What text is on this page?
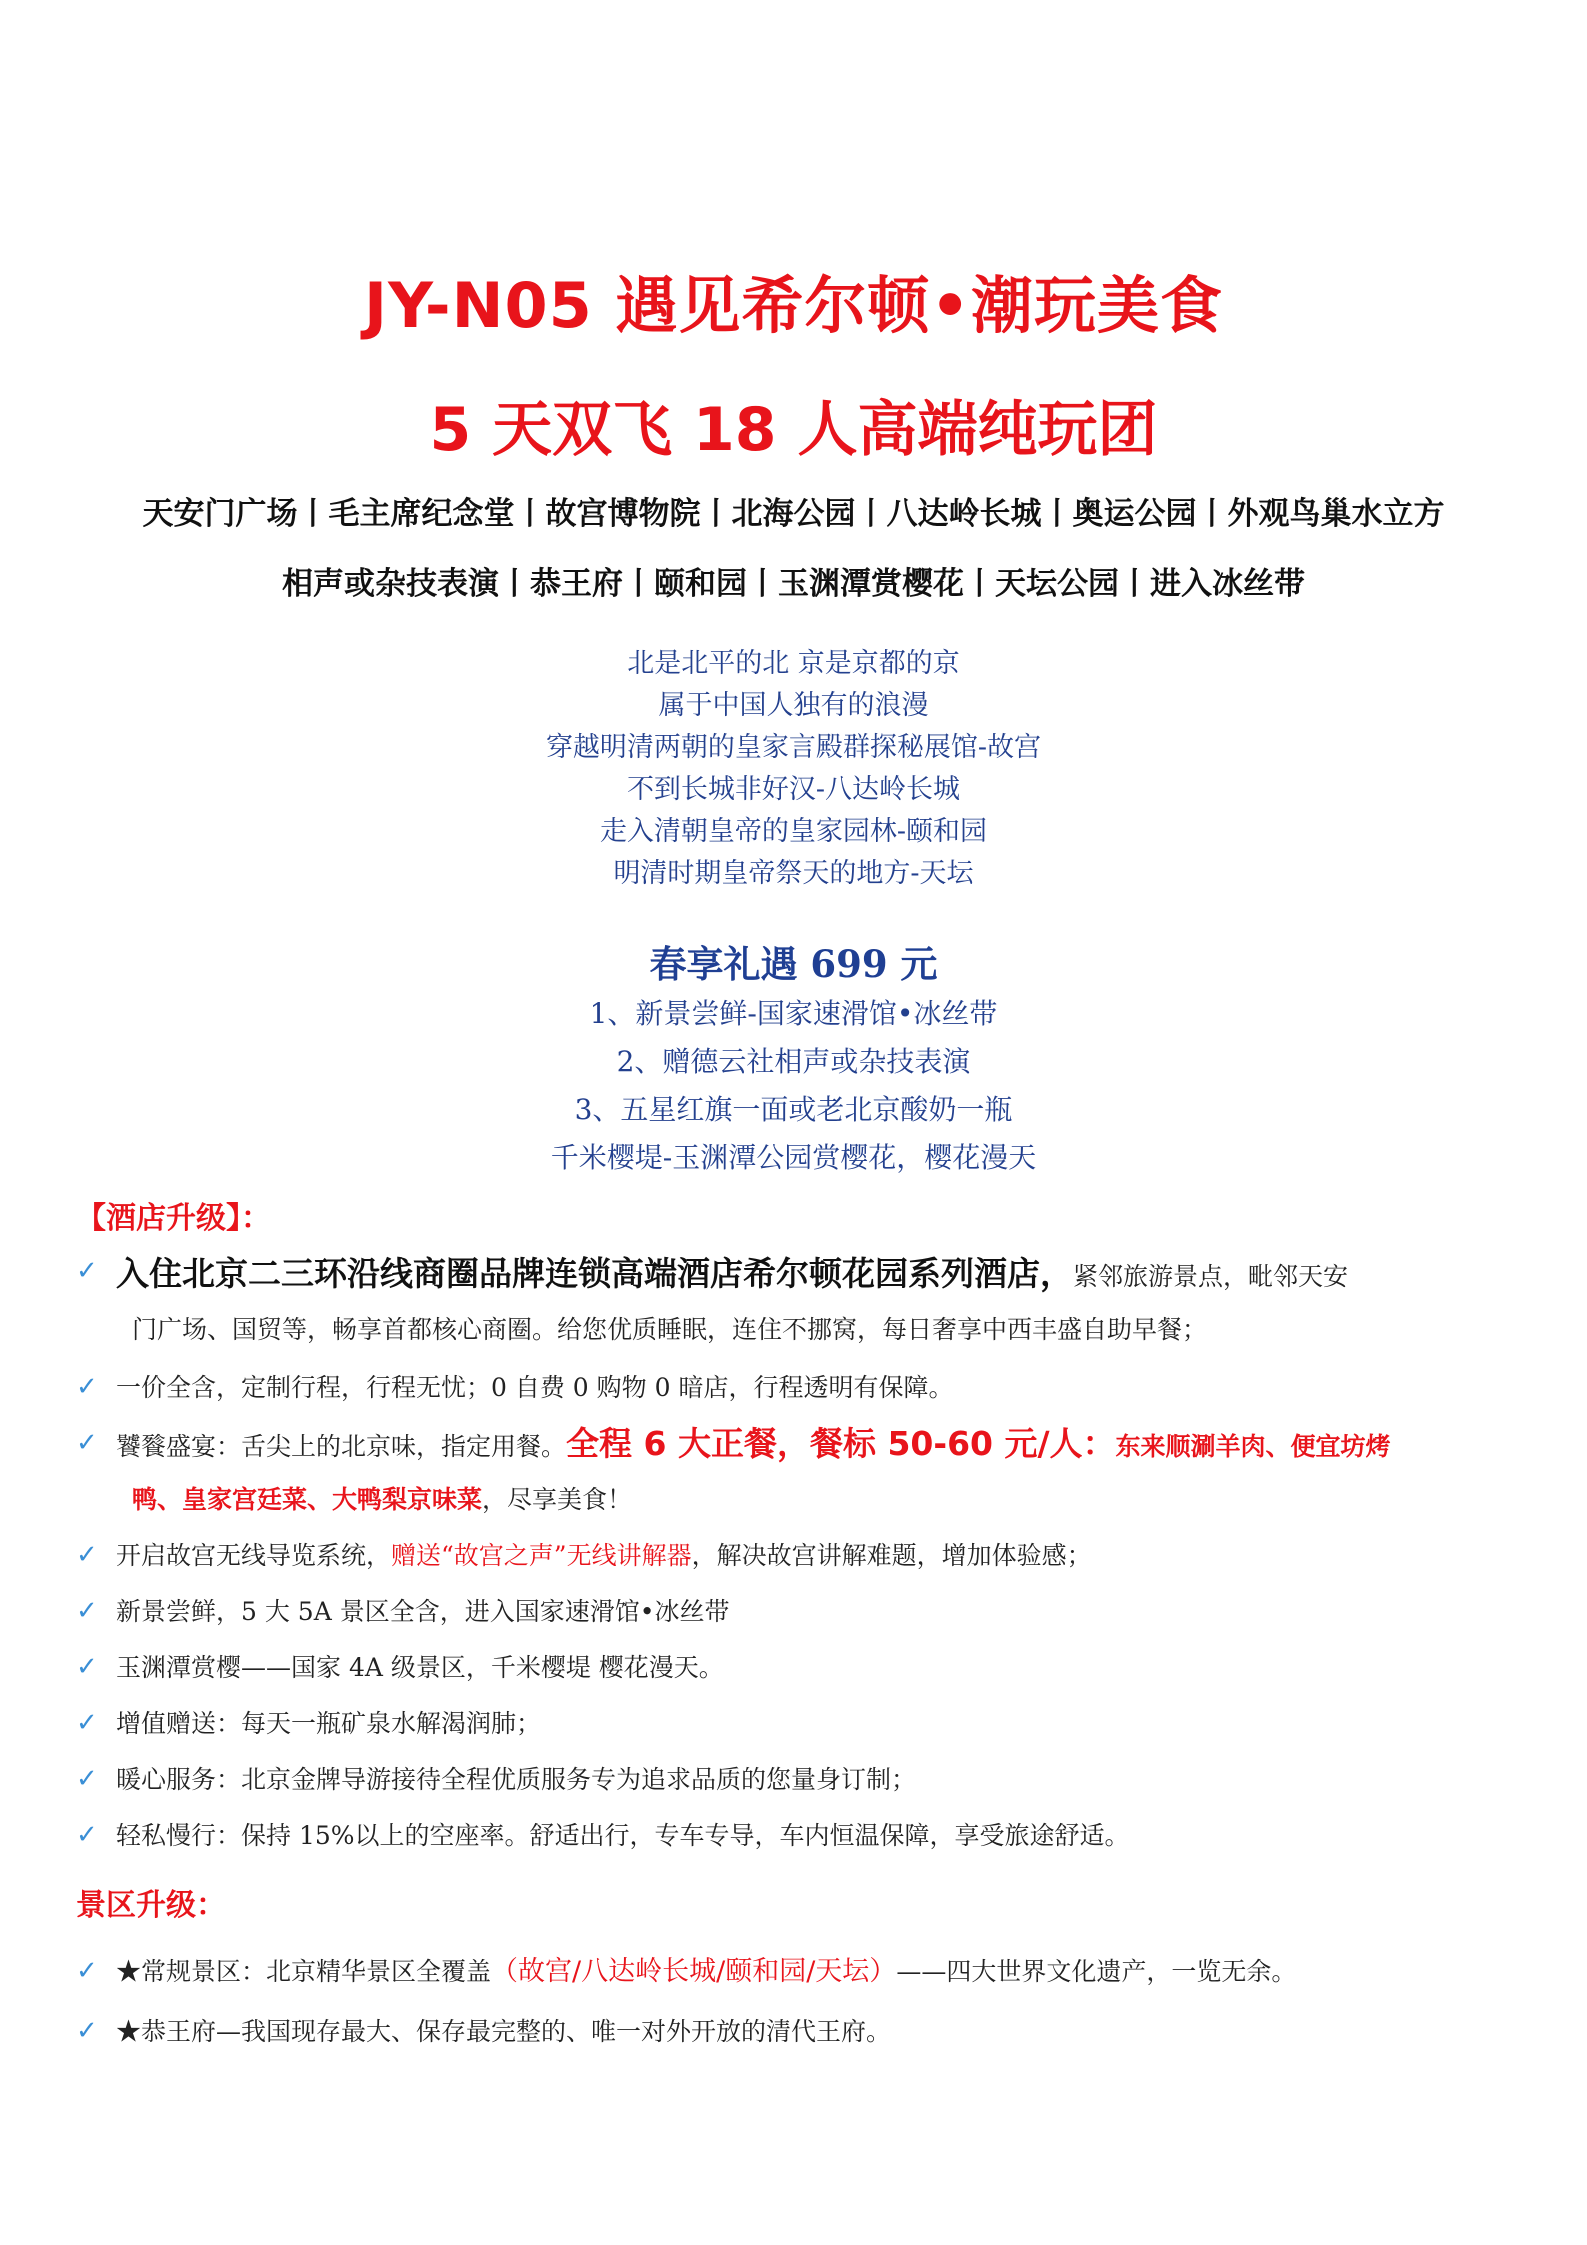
JY-N05 遇见希尔顿•潮玩美食
5 天双飞 18 人高端纯玩团
天安门广场丨毛主席纪念堂丨故宫博物院丨北海公园丨八达岭长城丨奥运公园丨外观鸟巢水立方
相声或杂技表演丨恭王府丨颐和园丨玉渊潭赏樱花丨天坛公园丨进入冰丝带
北是北平的北 京是京都的京
属于中国人独有的浪漫
穿越明清两朝的皇家言殿群探秘展馆-故宫
不到长城非好汉-八达岭长城
走入清朝皇帝的皇家园林-颐和园
明清时期皇帝祭天的地方-天坛
春享礼遇 699 元
1、新景尝鲜-国家速滑馆•冰丝带
2、赠德云社相声或杂技表演
3、五星红旗一面或老北京酸奶一瓶
千米樱堤-玉渊潭公园赏樱花，樱花漫天
【酒店升级】：
✓ 入住北京二三环沿线商圈品牌连锁高端酒店希尔顿花园系列酒店，紧邻旅游景点，毗邻天安
门广场、国贸等，畅享首都核心商圈。给您优质睡眠，连住不挪窝，每日奢享中西丰盛自助早餐；
✓ 一价全含，定制行程，行程无忧；0 自费 0 购物 0 暗店，行程透明有保障。
✓ 饕餮盛宴：舌尖上的北京味，指定用餐。全程 6 大正餐，餐标 50-60 元/人：东来顺涮羊肉、便宜坊烤
鸭、皇家宫廷菜、大鸭梨京味菜，尽享美食！
✓ 开启故宫无线导览系统，赠送“故宫之声”无线讲解器，解决故宫讲解难题，增加体验感；
✓ 新景尝鲜，5 大 5A 景区全含，进入国家速滑馆•冰丝带
✓ 玉渊潭赏樱——国家 4A 级景区，千米樱堤 樱花漫天。
✓ 增值赠送：每天一瓶矿泉水解渴润肺；
✓ 暖心服务：北京金牌导游接待全程优质服务专为追求品质的您量身订制；
✓ 轻私慢行：保持 15%以上的空座率。舒适出行，专车专导，车内恒温保障，享受旅途舒适。
景区升级：
✓ ★常规景区：北京精华景区全覆盖（故宫/八达岭长城/颐和园/天坛）——四大世界文化遗产，一览无余。
✓ ★恭王府—我国现存最大、保存最完整的、唯一对外开放的清代王府。
